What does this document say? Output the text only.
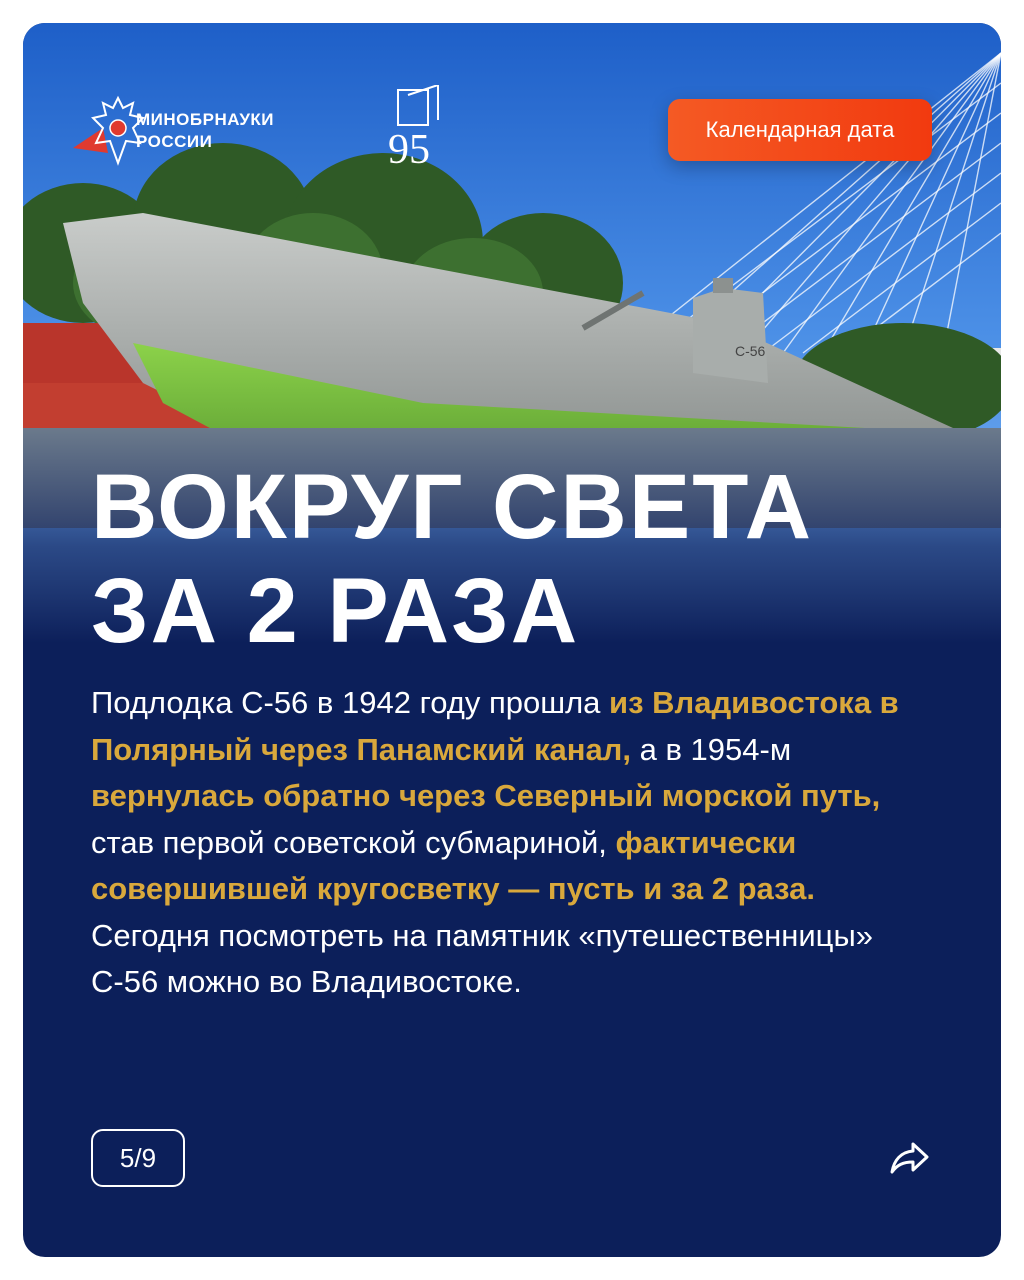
С-56
МИНОБРНАУКИ
РОССИИ	95	Календарная дата
ВОКРУГ СВЕТА
ЗА 2 РАЗА
Подлодка С-56 в 1942 году прошла из Владивостока в Полярный через Панамский канал, а в 1954-м вернулась обратно через Северный морской путь, став первой советской субмариной, фактически совершившей кругосветку — пусть и за 2 раза. Сегодня посмотреть на памятник «путешественницы» С-56 можно во Владивостоке.
5/9
